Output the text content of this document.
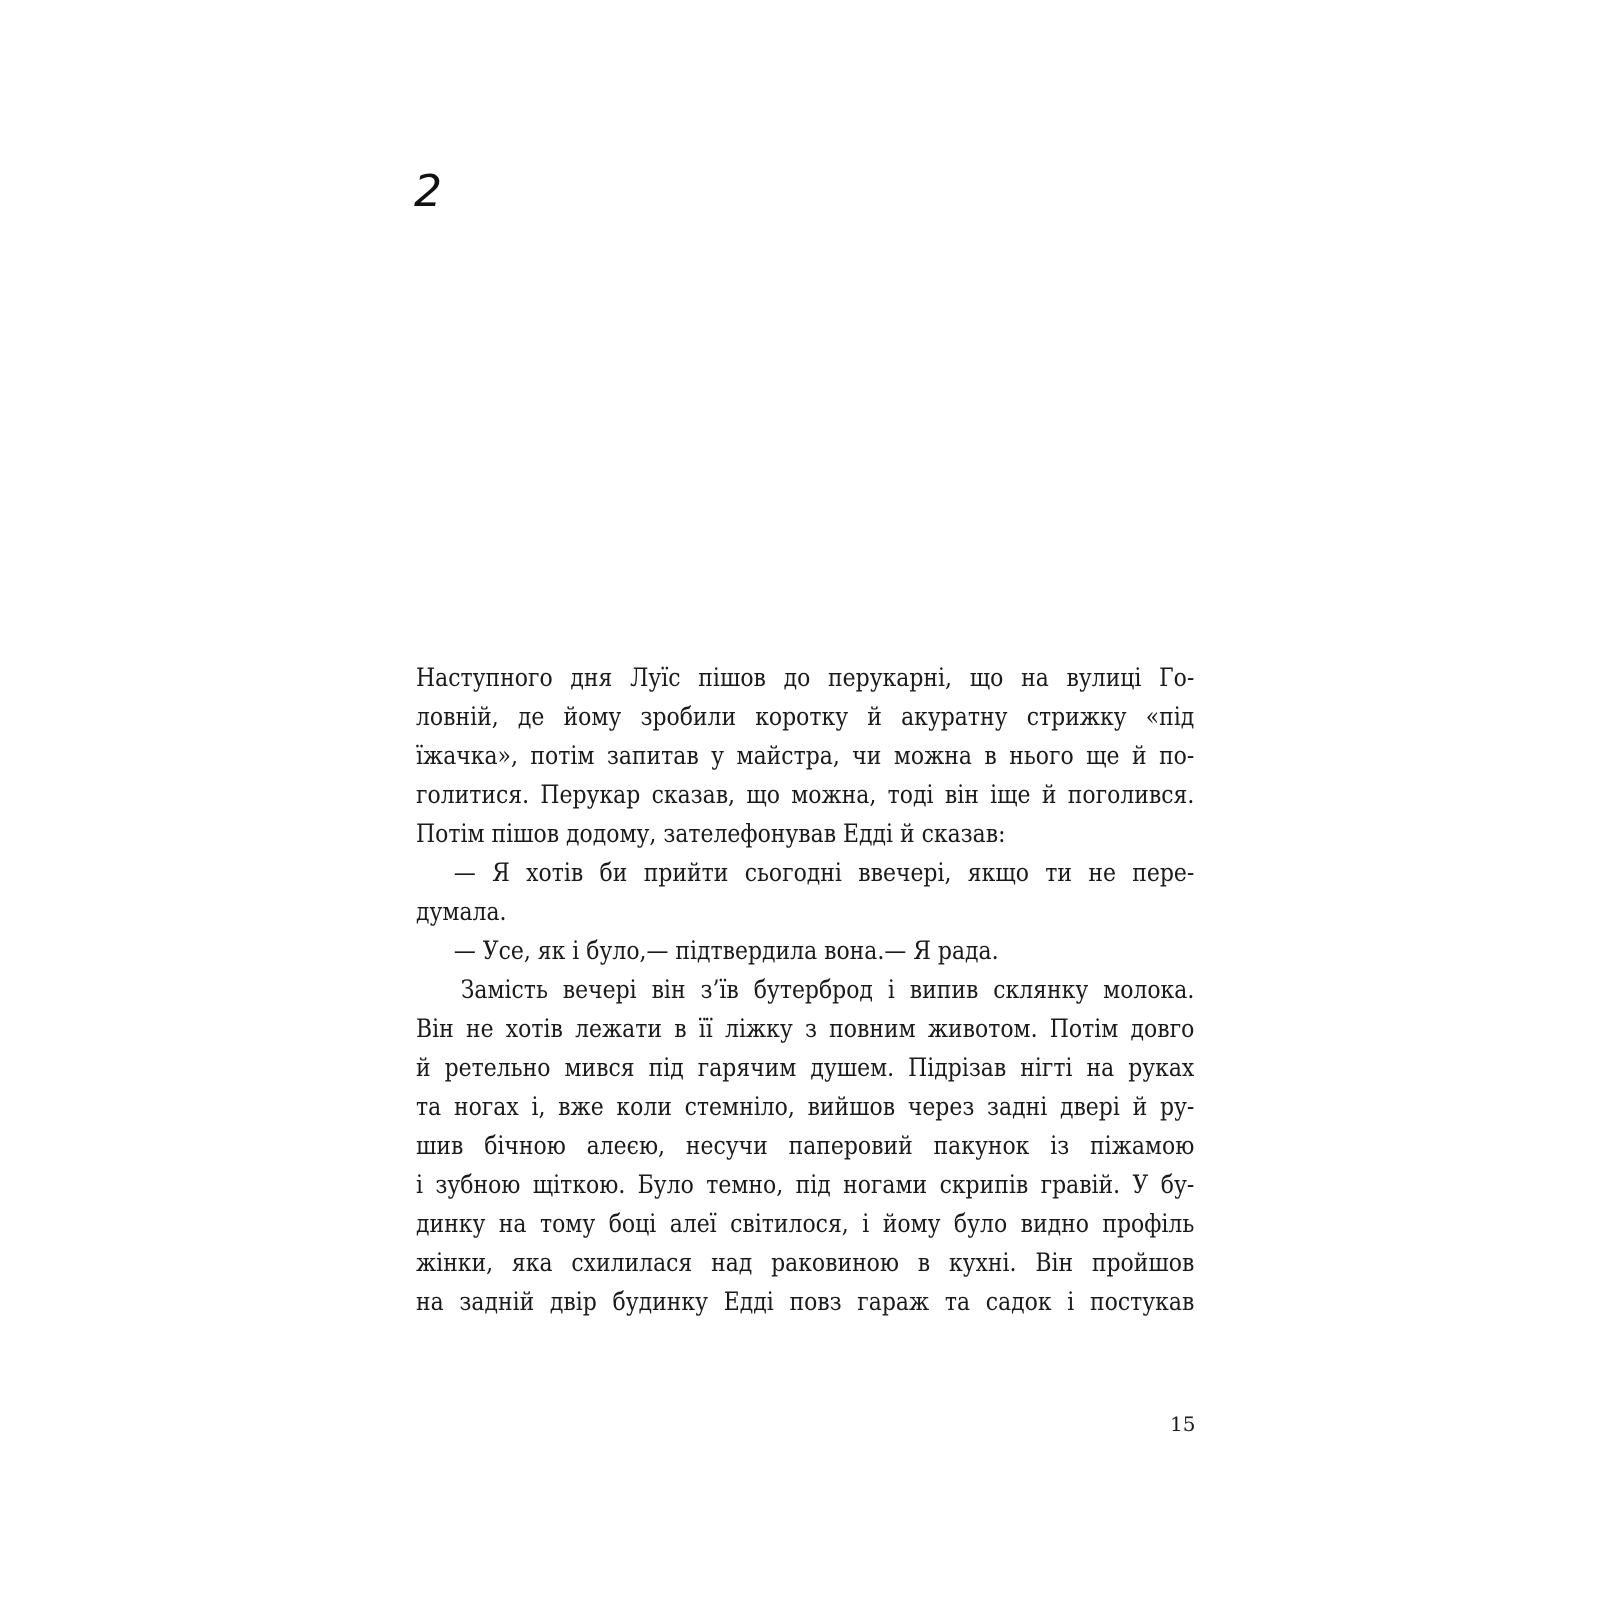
2
Наступного дня Луїс пішов до перукарні, що на вулиці Го-
ловній, де йому зробили коротку й акуратну стрижку «під
їжачка», потім запитав у майстра, чи можна в нього ще й по-
голитися. Перукар сказав, що можна, тоді він іще й поголився.
Потім пішов додому, зателефонував Едді й сказав:
— Я хотів би прийти сьогодні ввечері, якщо ти не пере-
думала.
— Усе, як і було,— підтвердила вона.— Я рада.
Замість вечері він з’їв бутерброд і випив склянку молока.
Він не хотів лежати в її ліжку з повним животом. Потім довго
й ретельно мився під гарячим душем. Підрізав нігті на руках
та ногах і, вже коли стемніло, вийшов через задні двері й ру-
шив бічною алеєю, несучи паперовий пакунок із піжамою
і зубною щіткою. Було темно, під ногами скрипів гравій. У бу-
динку на тому боці алеї світилося, і йому було видно профіль
жінки, яка схилилася над раковиною в кухні. Він пройшов
на задній двір будинку Едді повз гараж та садок і постукав
15
